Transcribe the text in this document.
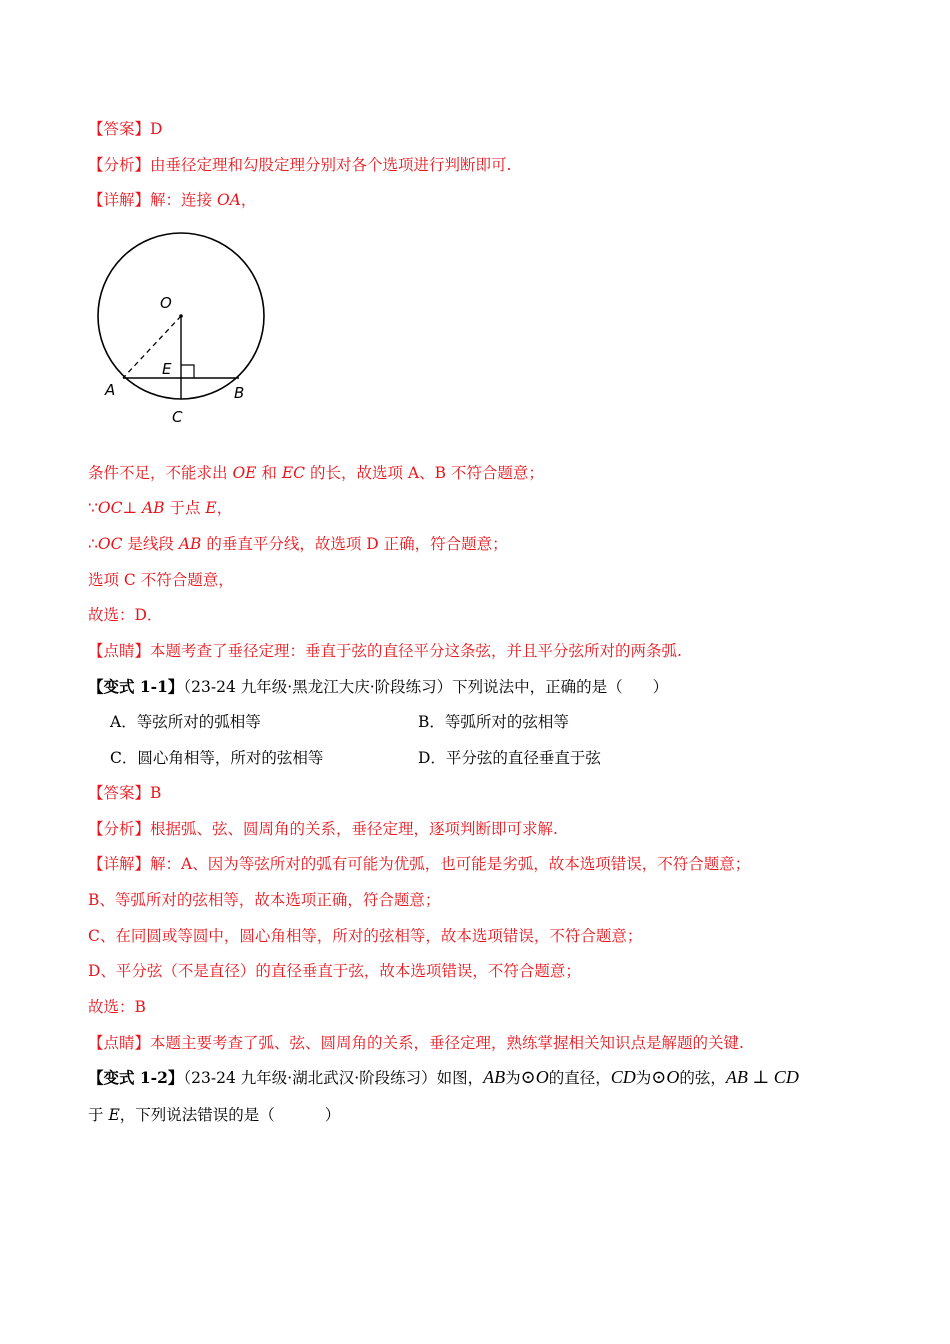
【答案】D
【分析】由垂径定理和勾股定理分别对各个选项进行判断即可.
【详解】解：连接 OA，
O
E
A	B
C
条件不足，不能求出 OE 和 EC 的长，故选项 A、B 不符合题意；
∵OC⊥ AB 于点 E，
∴OC 是线段 AB 的垂直平分线，故选项 D 正确，符合题意；
选项 C 不符合题意，
故选：D．
【点睛】本题考查了垂径定理：垂直于弦的直径平分这条弦，并且平分弦所对的两条弧.
【变式 1-1】（23-24 九年级·黑龙江大庆·阶段练习）下列说法中，正确的是（ ）
A．等弦所对的弧相等	B．等弧所对的弦相等
C．圆心角相等，所对的弦相等	D．平分弦的直径垂直于弦
【答案】B
【分析】根据弧、弦、圆周角的关系，垂径定理，逐项判断即可求解.
【详解】解：A、因为等弦所对的弧有可能为优弧，也可能是劣弧，故本选项错误，不符合题意；
B、等弧所对的弦相等，故本选项正确，符合题意；
C、在同圆或等圆中，圆心角相等，所对的弦相等，故本选项错误，不符合题意；
D、平分弦（不是直径）的直径垂直于弦，故本选项错误，不符合题意；
故选：B
【点睛】本题主要考查了弧、弦、圆周角的关系，垂径定理，熟练掌握相关知识点是解题的关键.
【变式 1-2】（23-24 九年级·湖北武汉·阶段练习）如图，AB为⊙O的直径，CD为⊙O的弦，AB ⊥ CD
于 E，下列说法错误的是（	）
